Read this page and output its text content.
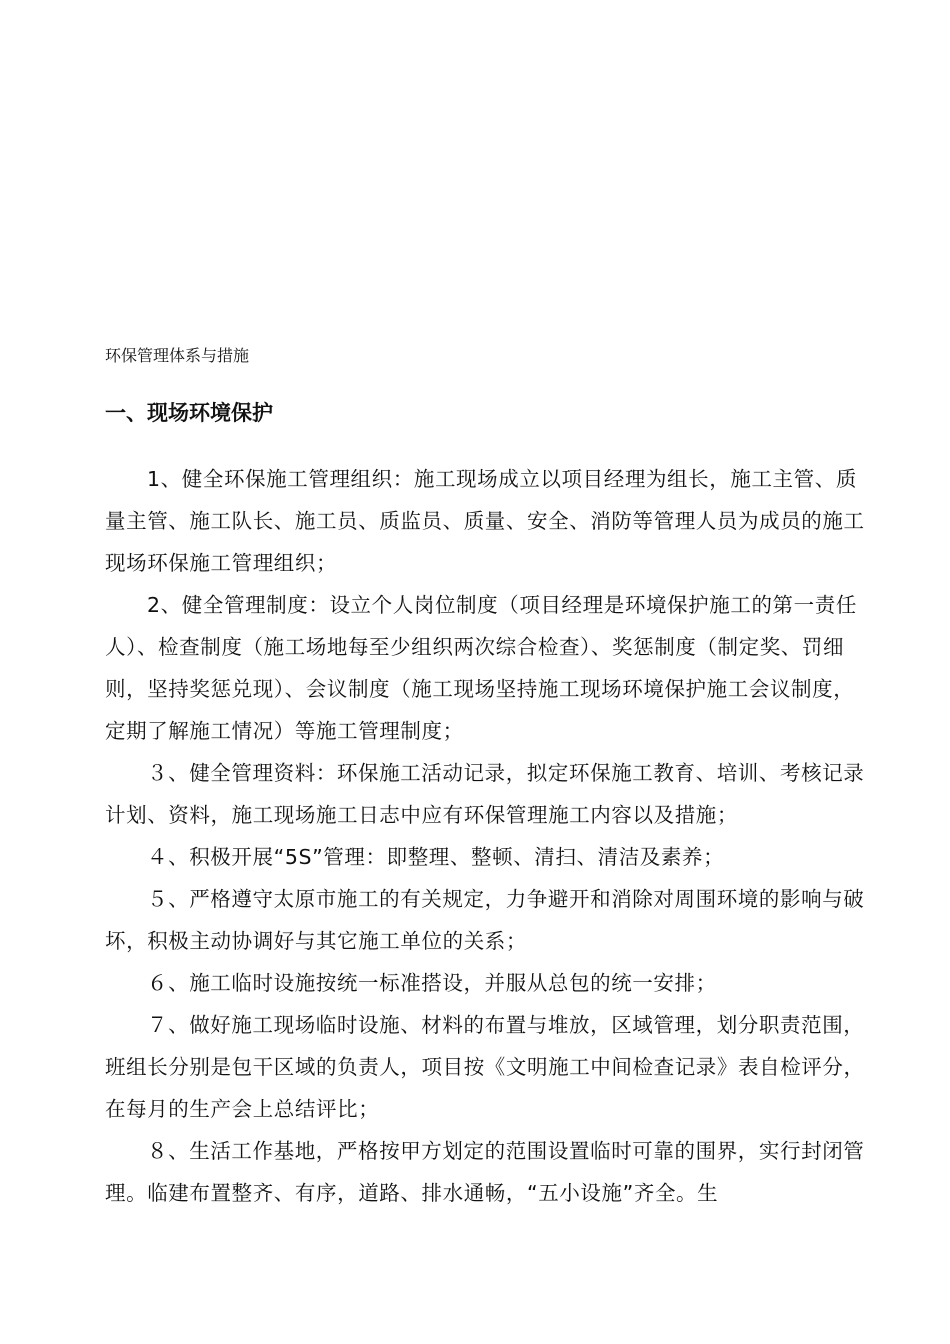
环保管理体系与措施
一、现场环境保护

1、健全环保施工管理组织：施工现场成立以项目经理为组长，施工主管、质量主管、施工队长、施工员、质监员、质量、安全、消防等管理人员为成员的施工现场环保施工管理组织；

2、健全管理制度：设立个人岗位制度（项目经理是环境保护施工的第一责任人）、检查制度（施工场地每至少组织两次综合检查）、奖惩制度（制定奖、罚细则，坚持奖惩兑现）、会议制度（施工现场坚持施工现场环境保护施工会议制度，定期了解施工情况）等施工管理制度；

３、健全管理资料：环保施工活动记录，拟定环保施工教育、培训、考核记录计划、资料，施工现场施工日志中应有环保管理施工内容以及措施；

４、积极开展“5S”管理：即整理、整顿、清扫、清洁及素养；

５、严格遵守太原市施工的有关规定，力争避开和消除对周围环境的影响与破坏，积极主动协调好与其它施工单位的关系；

６、施工临时设施按统一标准搭设，并服从总包的统一安排；

７、做好施工现场临时设施、材料的布置与堆放，区域管理，划分职责范围，班组长分别是包干区域的负责人，项目按《文明施工中间检查记录》表自检评分，在每月的生产会上总结评比；

８、生活工作基地，严格按甲方划定的范围设置临时可靠的围界，实行封闭管理。临建布置整齐、有序，道路、排水通畅，“五小设施”齐全。生
